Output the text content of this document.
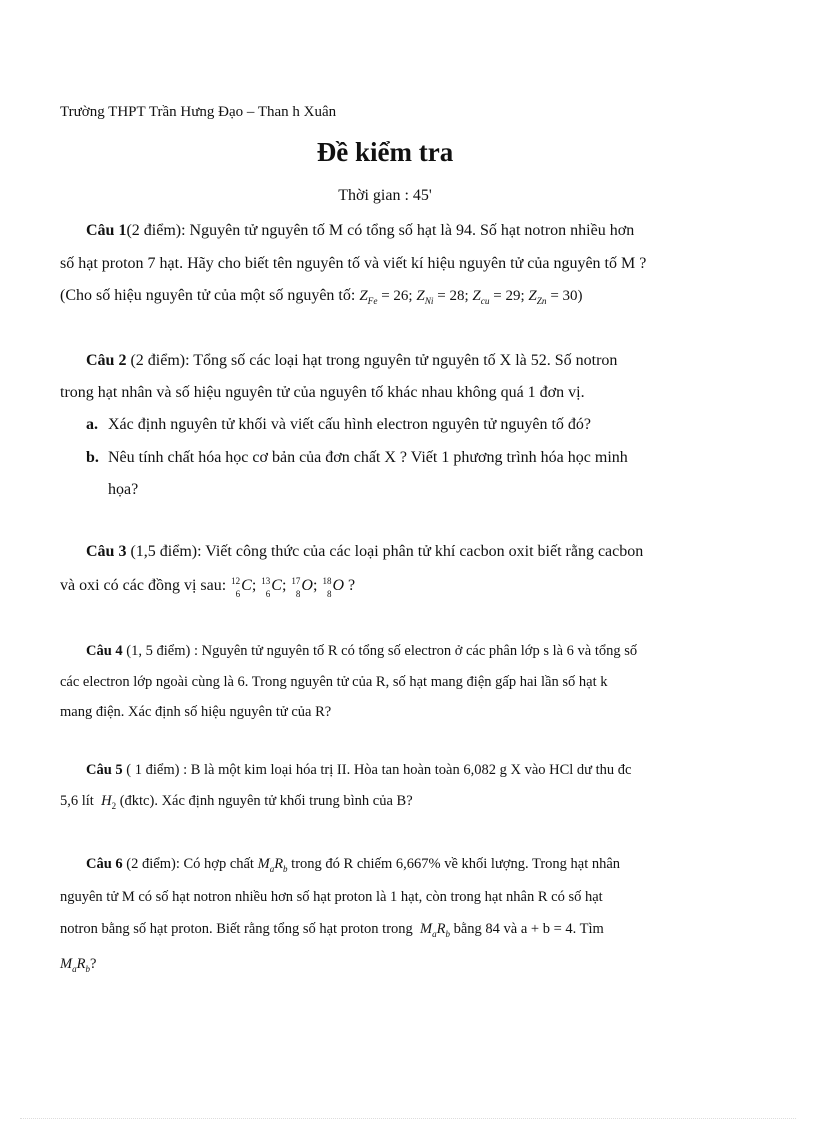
Trường THPT Trần Hưng Đạo – Than h Xuân
Đề kiểm tra
Thời gian : 45'
Câu 1(2 điểm): Nguyên tử nguyên tố M có tổng số hạt là 94. Số hạt notron nhiều hơn
số hạt proton 7 hạt. Hãy cho biết tên nguyên tố và viết kí hiệu nguyên tử của nguyên tố M ?
(Cho số hiệu nguyên tử của một số nguyên tố: $Z_{Fe} = 26$; $Z_{Ni} = 28$; $Z_{cu} = 29$; $Z_{Zn} = 30$)
Câu 2 (2 điểm): Tổng số các loại hạt trong nguyên tử nguyên tố X là 52. Số notron
trong hạt nhân và số hiệu nguyên tử của nguyên tố khác nhau không quá 1 đơn vị.
a. Xác định nguyên tử khối và viết cấu hình electron nguyên tử nguyên tố đó?
b. Nêu tính chất hóa học cơ bản của đơn chất X ? Viết 1 phương trình hóa học minh
họa?
Câu 3 (1,5 điểm): Viết công thức của các loại phân tử khí cacbon oxit biết rằng cacbon
và oxi có các đồng vị sau: 12
6 C; 13
6 C; 17
8 O; 18
8 O ?
Câu 4 (1, 5 điểm) : Nguyên tử nguyên tố R có tổng số electron ở các phân lớp s là 6 và tổng số
các electron lớp ngoài cùng là 6. Trong nguyên tử của R, số hạt mang điện gấp hai lần số hạt k
mang điện. Xác định số hiệu nguyên tử của R?
Câu 5 ( 1 điểm) : B là một kim loại hóa trị II. Hòa tan hoàn toàn 6,082 g X vào HCl dư thu đc
5,6 lít $H_2$ (đktc). Xác định nguyên tử khối trung bình của B?
Câu 6 (2 điểm): Có hợp chất $M_aR_b$ trong đó R chiếm 6,667% về khối lượng. Trong hạt nhân
nguyên tử M có số hạt notron nhiều hơn số hạt proton là 1 hạt, còn trong hạt nhân R có số hạt
notron bằng số hạt proton. Biết rằng tổng số hạt proton trong $M_aR_b$ bằng 84 và a + b = 4. Tìm
$M_aR_b$?
